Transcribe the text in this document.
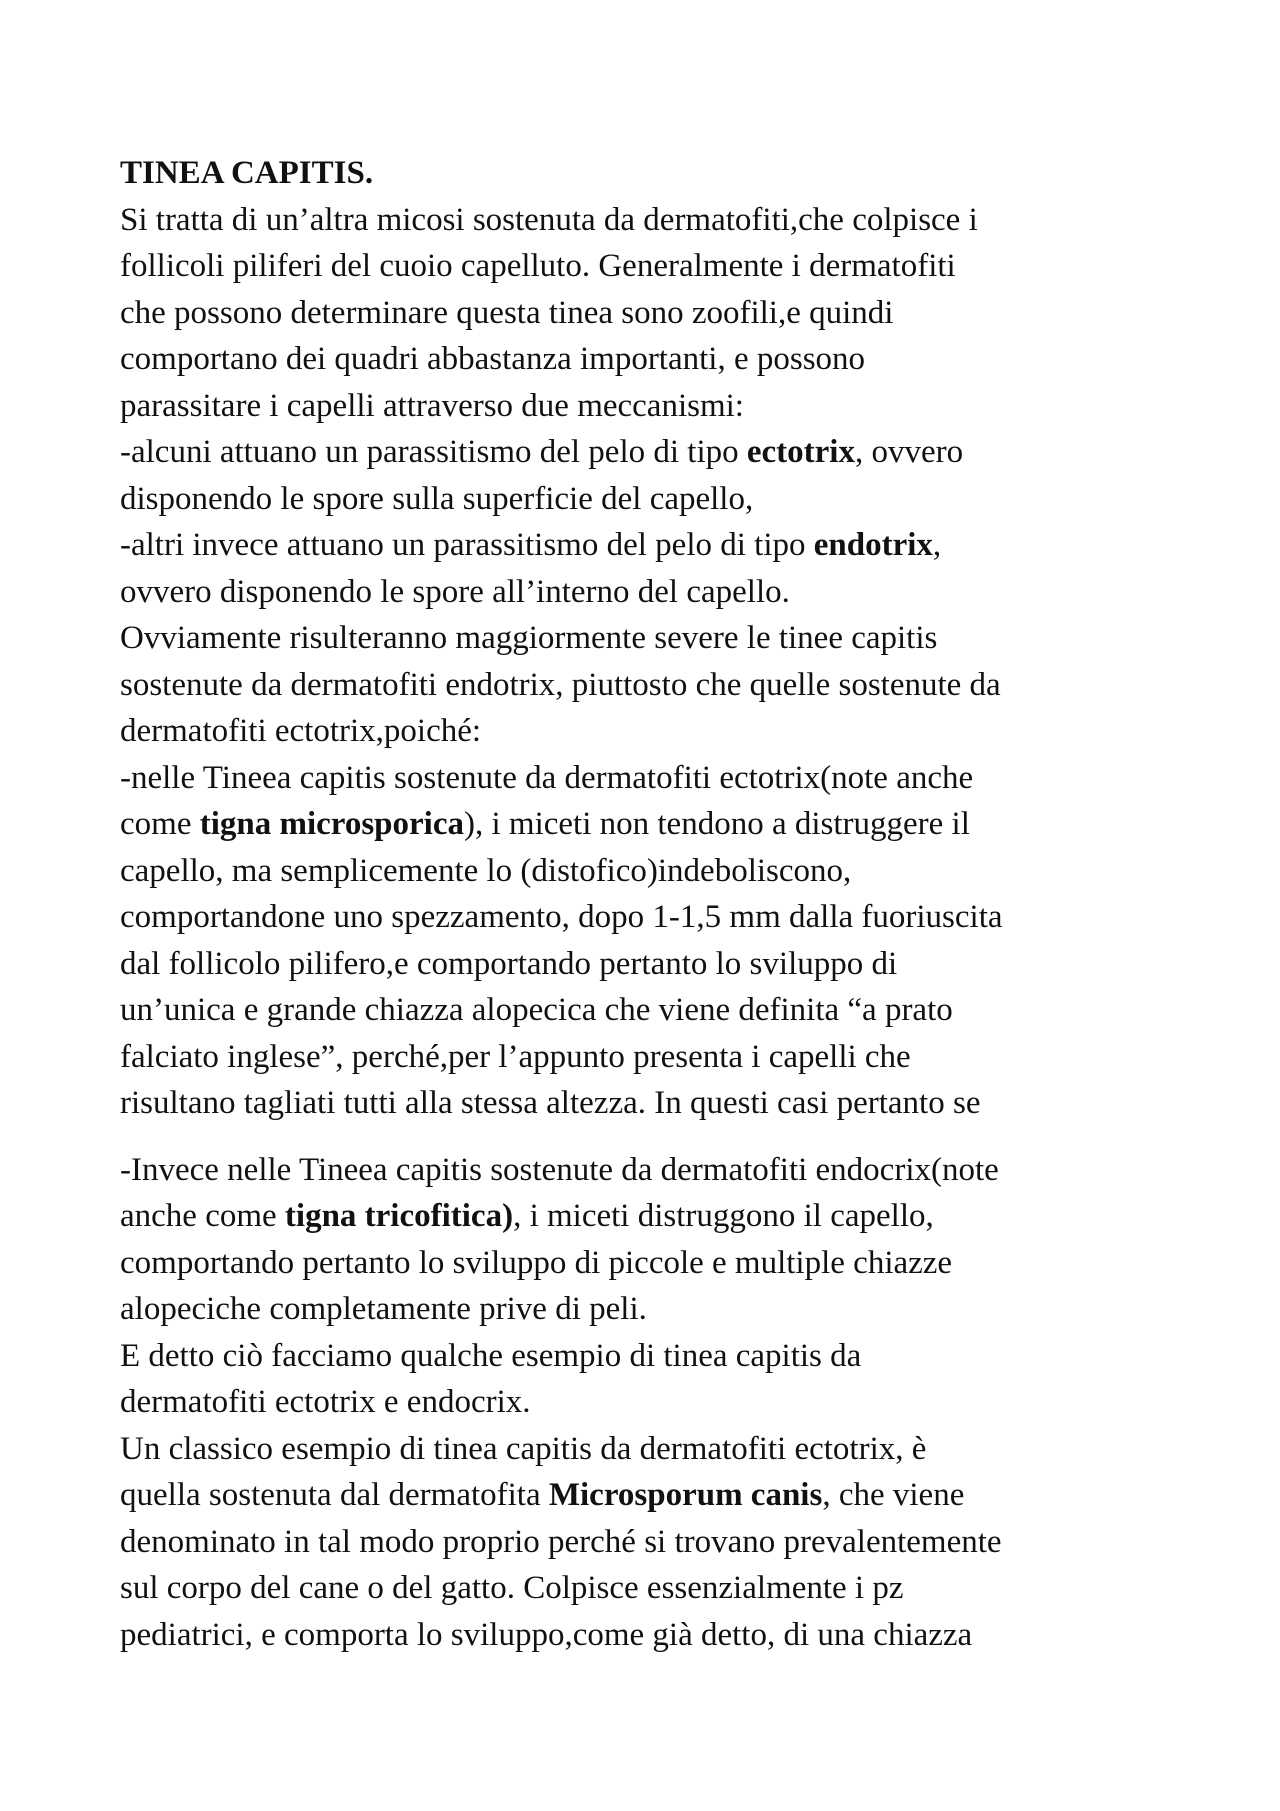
TINEA CAPITIS.
Si tratta di un’altra micosi sostenuta da dermatofiti,che colpisce i
follicoli piliferi del cuoio capelluto. Generalmente i dermatofiti
che possono determinare questa tinea sono zoofili,e quindi
comportano dei quadri abbastanza importanti, e possono
parassitare i capelli attraverso due meccanismi:
-alcuni attuano un parassitismo del pelo di tipo ectotrix, ovvero
disponendo le spore sulla superficie del capello,
-altri invece attuano un parassitismo del pelo di tipo endotrix,
ovvero disponendo le spore all’interno del capello.
Ovviamente risulteranno maggiormente severe le tinee capitis
sostenute da dermatofiti endotrix, piuttosto che quelle sostenute da
dermatofiti ectotrix,poiché:
-nelle Tineea capitis sostenute da dermatofiti ectotrix(note anche
come tigna microsporica), i miceti non tendono a distruggere il
capello, ma semplicemente lo (distofico)indeboliscono,
comportandone uno spezzamento, dopo 1-1,5 mm dalla fuoriuscita
dal follicolo pilifero,e comportando pertanto lo sviluppo di
un’unica e grande chiazza alopecica che viene definita “a prato
falciato inglese”, perché,per l’appunto presenta i capelli che
risultano tagliati tutti alla stessa altezza. In questi casi pertanto se
-Invece nelle Tineea capitis sostenute da dermatofiti endocrix(note
anche come tigna tricofitica), i miceti distruggono il capello,
comportando pertanto lo sviluppo di piccole e multiple chiazze
alopeciche completamente prive di peli.
E detto ciò facciamo qualche esempio di tinea capitis da
dermatofiti ectotrix e endocrix.
Un classico esempio di tinea capitis da dermatofiti ectotrix, è
quella sostenuta dal dermatofita Microsporum canis, che viene
denominato in tal modo proprio perché si trovano prevalentemente
sul corpo del cane o del gatto. Colpisce essenzialmente i pz
pediatrici, e comporta lo sviluppo,come già detto, di una chiazza
